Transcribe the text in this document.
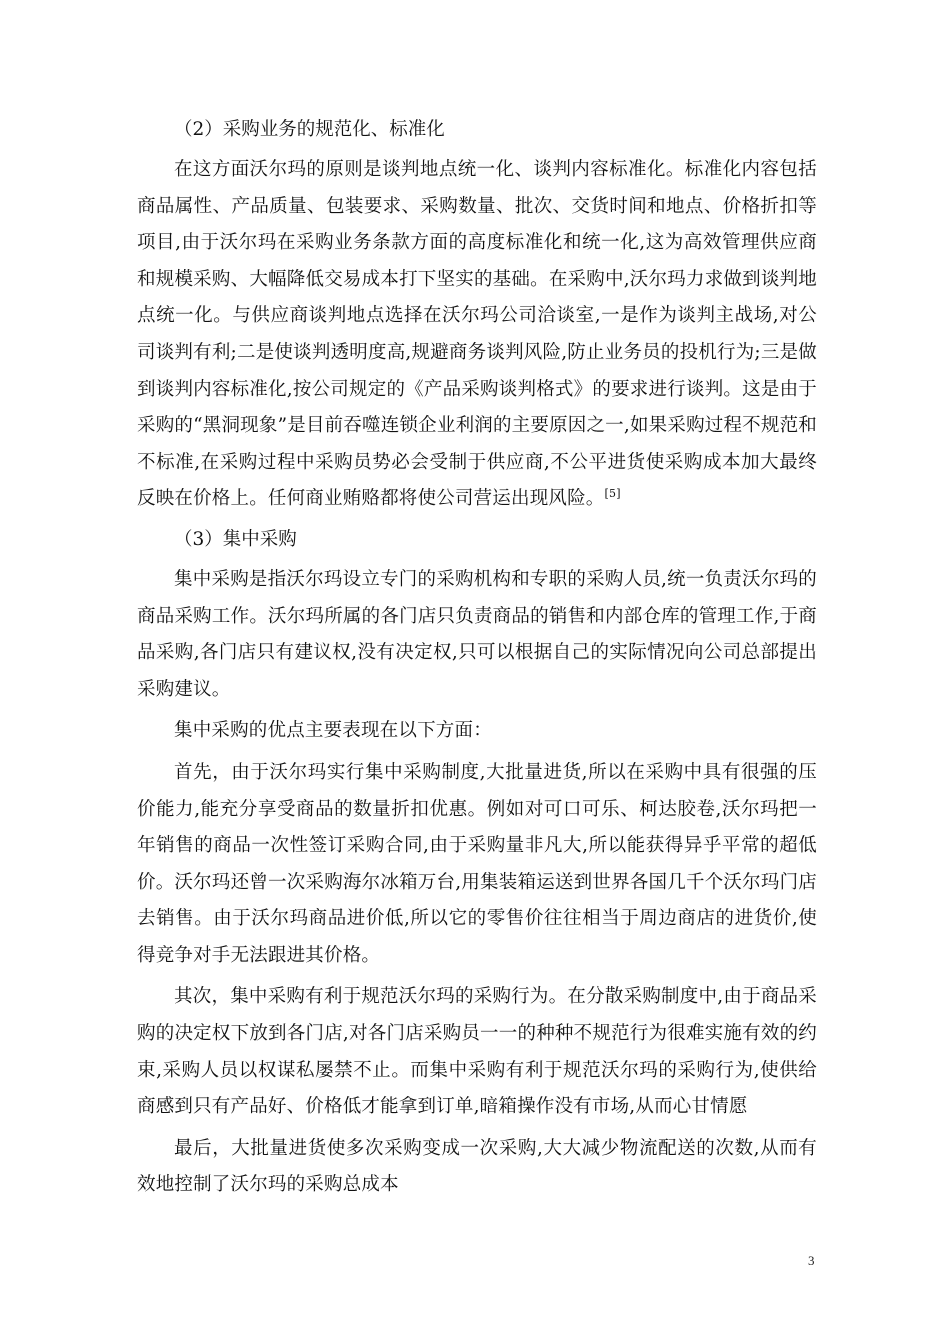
（2）采购业务的规范化、标准化

在这方面沃尔玛的原则是谈判地点统一化、谈判内容标准化。标准化内容包括商品属性、产品质量、包装要求、采购数量、批次、交货时间和地点、价格折扣等项目,由于沃尔玛在采购业务条款方面的高度标准化和统一化,这为高效管理供应商和规模采购、大幅降低交易成本打下坚实的基础。在采购中,沃尔玛力求做到谈判地点统一化。与供应商谈判地点选择在沃尔玛公司洽谈室,一是作为谈判主战场,对公司谈判有利;二是使谈判透明度高,规避商务谈判风险,防止业务员的投机行为;三是做到谈判内容标准化,按公司规定的《产品采购谈判格式》的要求进行谈判。这是由于采购的“黑洞现象”是目前吞噬连锁企业利润的主要原因之一,如果采购过程不规范和不标准,在采购过程中采购员势必会受制于供应商,不公平进货使采购成本加大最终反映在价格上。任何商业贿赂都将使公司营运出现风险。[5]

（3）集中采购

集中采购是指沃尔玛设立专门的采购机构和专职的采购人员,统一负责沃尔玛的商品采购工作。沃尔玛所属的各门店只负责商品的销售和内部仓库的管理工作,于商品采购,各门店只有建议权,没有决定权,只可以根据自己的实际情况向公司总部提出采购建议。

集中采购的优点主要表现在以下方面：

首先，由于沃尔玛实行集中采购制度,大批量进货,所以在采购中具有很强的压价能力,能充分享受商品的数量折扣优惠。例如对可口可乐、柯达胶卷,沃尔玛把一年销售的商品一次性签订采购合同,由于采购量非凡大,所以能获得异乎平常的超低价。沃尔玛还曾一次采购海尔冰箱万台,用集装箱运送到世界各国几千个沃尔玛门店去销售。由于沃尔玛商品进价低,所以它的零售价往往相当于周边商店的进货价,使得竞争对手无法跟进其价格。

其次，集中采购有利于规范沃尔玛的采购行为。在分散采购制度中,由于商品采购的决定权下放到各门店,对各门店采购员一一的种种不规范行为很难实施有效的约束,采购人员以权谋私屡禁不止。而集中采购有利于规范沃尔玛的采购行为,使供给商感到只有产品好、价格低才能拿到订单,暗箱操作没有市场,从而心甘情愿

最后，大批量进货使多次采购变成一次采购,大大减少物流配送的次数,从而有效地控制了沃尔玛的采购总成本

3
